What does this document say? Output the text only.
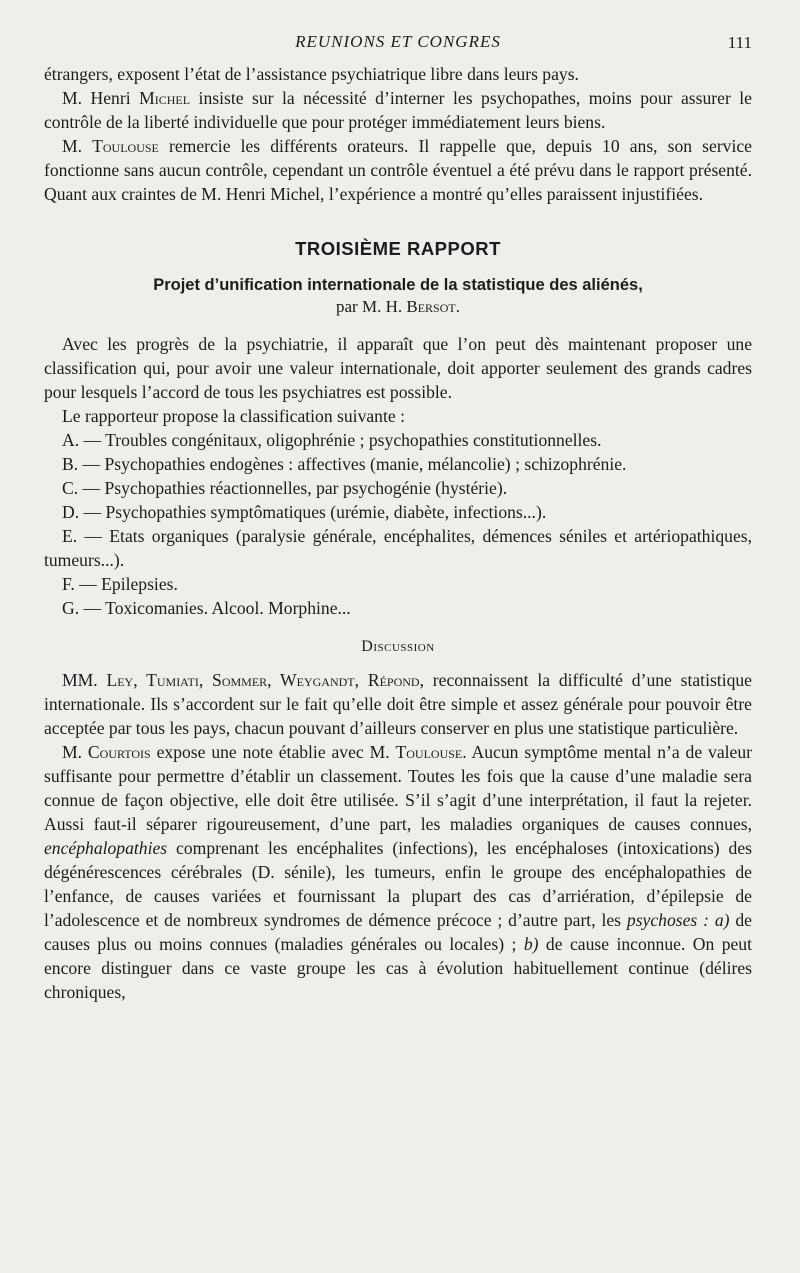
REUNIONS ET CONGRES	111

étrangers, exposent l’état de l’assistance psychiatrique libre dans leurs pays.

M. Henri Michel insiste sur la nécessité d’interner les psychopathes, moins pour assurer le contrôle de la liberté individuelle que pour protéger immédiatement leurs biens.

M. Toulouse remercie les différents orateurs. Il rappelle que, depuis 10 ans, son service fonctionne sans aucun contrôle, cependant un contrôle éventuel a été prévu dans le rapport présenté. Quant aux craintes de M. Henri Michel, l’expérience a montré qu’elles paraissent injustifiées.

TROISIÈME RAPPORT
Projet d’unification internationale de la statistique des aliénés,
par M. H. Bersot.

Avec les progrès de la psychiatrie, il apparaît que l’on peut dès maintenant proposer une classification qui, pour avoir une valeur internationale, doit apporter seulement des grands cadres pour lesquels l’accord de tous les psychiatres est possible.

Le rapporteur propose la classification suivante :

A. — Troubles congénitaux, oligophrénie ; psychopathies constitutionnelles.

B. — Psychopathies endogènes : affectives (manie, mélancolie) ; schizophrénie.

C. — Psychopathies réactionnelles, par psychogénie (hystérie).

D. — Psychopathies symptômatiques (urémie, diabète, infections...).

E. — Etats organiques (paralysie générale, encéphalites, démences séniles et artériopathiques, tumeurs...).

F. — Epilepsies.

G. — Toxicomanies. Alcool. Morphine...

Discussion

MM. Ley, Tumiati, Sommer, Weygandt, Répond, reconnaissent la difficulté d’une statistique internationale. Ils s’accordent sur le fait qu’elle doit être simple et assez générale pour pouvoir être acceptée par tous les pays, chacun pouvant d’ailleurs conserver en plus une statistique particulière.

M. Courtois expose une note établie avec M. Toulouse. Aucun symptôme mental n’a de valeur suffisante pour permettre d’établir un classement. Toutes les fois que la cause d’une maladie sera connue de façon objective, elle doit être utilisée. S’il s’agit d’une interprétation, il faut la rejeter. Aussi faut-il séparer rigoureusement, d’une part, les maladies organiques de causes connues, encéphalopathies comprenant les encéphalites (infections), les encéphaloses (intoxications) des dégénérescences cérébrales (D. sénile), les tumeurs, enfin le groupe des encéphalopathies de l’enfance, de causes variées et fournissant la plupart des cas d’arriération, d’épilepsie de l’adolescence et de nombreux syndromes de démence précoce ; d’autre part, les psychoses : a) de causes plus ou moins connues (maladies générales ou locales) ; b) de cause inconnue. On peut encore distinguer dans ce vaste groupe les cas à évolution habituellement continue (délires chroniques,
